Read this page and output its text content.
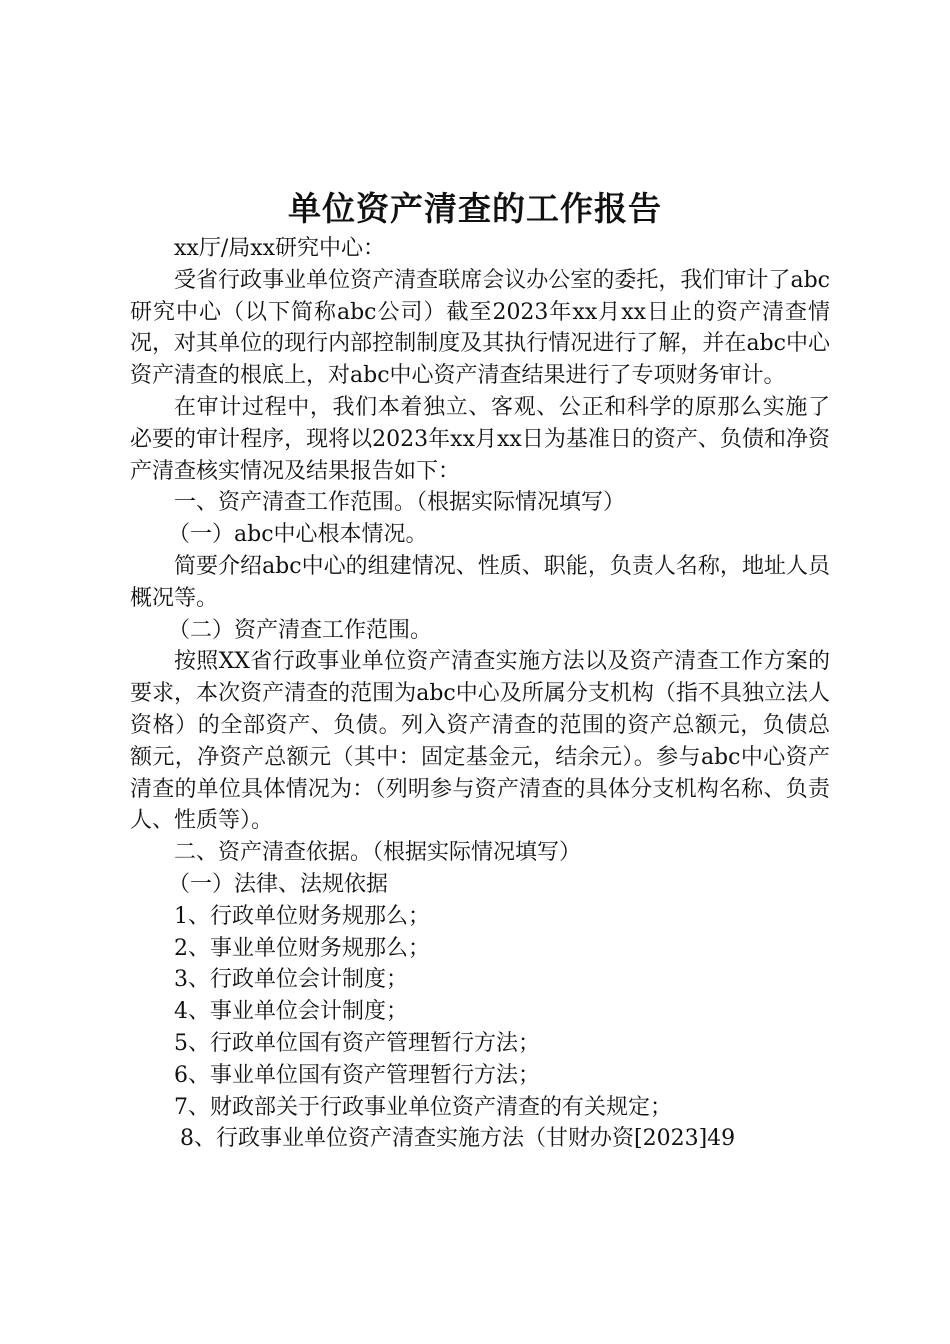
单位资产清查的工作报告

xx厅/局xx研究中心：

受省行政事业单位资产清查联席会议办公室的委托，我们审计了abc研究中心（以下简称abc公司）截至2023年xx月xx日止的资产清查情况，对其单位的现行内部控制制度及其执行情况进行了解，并在abc中心资产清查的根底上，对abc中心资产清查结果进行了专项财务审计。

在审计过程中，我们本着独立、客观、公正和科学的原那么实施了必要的审计程序，现将以2023年xx月xx日为基准日的资产、负债和净资产清查核实情况及结果报告如下：

一、资产清查工作范围。（根据实际情况填写）

（一）abc中心根本情况。

简要介绍abc中心的组建情况、性质、职能，负责人名称，地址人员概况等。

（二）资产清查工作范围。

按照XX省行政事业单位资产清查实施方法以及资产清查工作方案的要求，本次资产清查的范围为abc中心及所属分支机构（指不具独立法人资格）的全部资产、负债。列入资产清查的范围的资产总额元，负债总额元，净资产总额元（其中：固定基金元，结余元）。参与abc中心资产清查的单位具体情况为：（列明参与资产清查的具体分支机构名称、负责人、性质等）。

二、资产清查依据。（根据实际情况填写）

（一）法律、法规依据

1、行政单位财务规那么；

2、事业单位财务规那么；

3、行政单位会计制度；

4、事业单位会计制度；

5、行政单位国有资产管理暂行方法；

6、事业单位国有资产管理暂行方法；

7、财政部关于行政事业单位资产清查的有关规定；

8、行政事业单位资产清查实施方法（甘财办资[2023]49
